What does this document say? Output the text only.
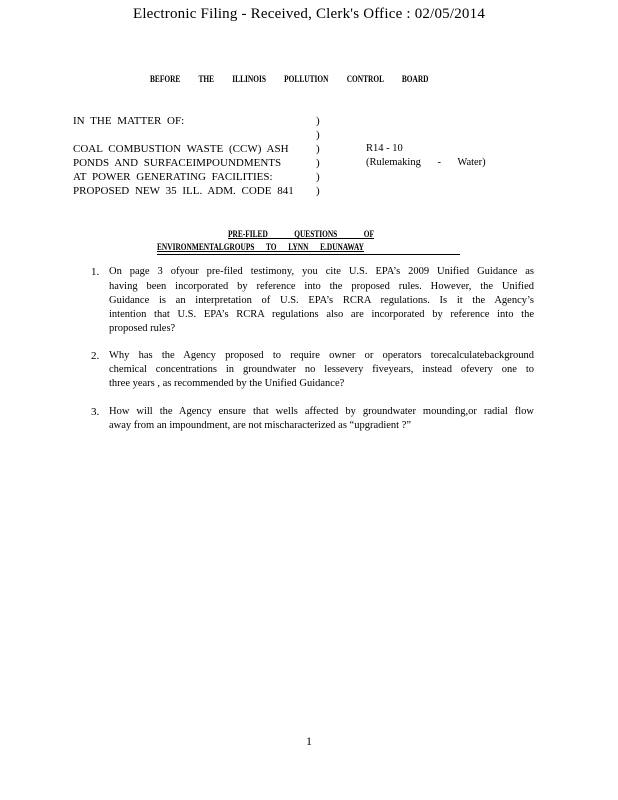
Electronic Filing - Received, Clerk's Office : 02/05/2014
BEFORE THE ILLINOIS POLLUTION CONTROL BOARD
IN THE MATTER OF:
COAL COMBUSTION WASTE (CCW) ASH
PONDS AND SURFACEIMPOUNDMENTS
AT POWER GENERATING FACILITIES:
PROPOSED NEW 35 ILL. ADM. CODE 841
)
)
)
)
)
)
R14 - 10
(Rulemaking - Water)
PRE-FILED QUESTIONS OF
ENVIRONMENTALGROUPS TO LYNN E.DUNAWAY
1. On page 3 ofyour pre-filed testimony, you cite U.S. EPA’s 2009 Unified Guidance as
having been incorporated by reference into the proposed rules. However, the Unified
Guidance is an interpretation of U.S. EPA’s RCRA regulations. Is it the Agency’s
intention that U.S. EPA’s RCRA regulations also are incorporated by reference into the
proposed rules?
2. Why has the Agency proposed to require owner or operators torecalculatebackground
chemical concentrations in groundwater no lessevery fiveyears, instead ofevery one to
three years , as recommended by the Unified Guidance?
3. How will the Agency ensure that wells affected by groundwater mounding,or radial flow
away from an impoundment, are not mischaracterized as “upgradient ?”
1
